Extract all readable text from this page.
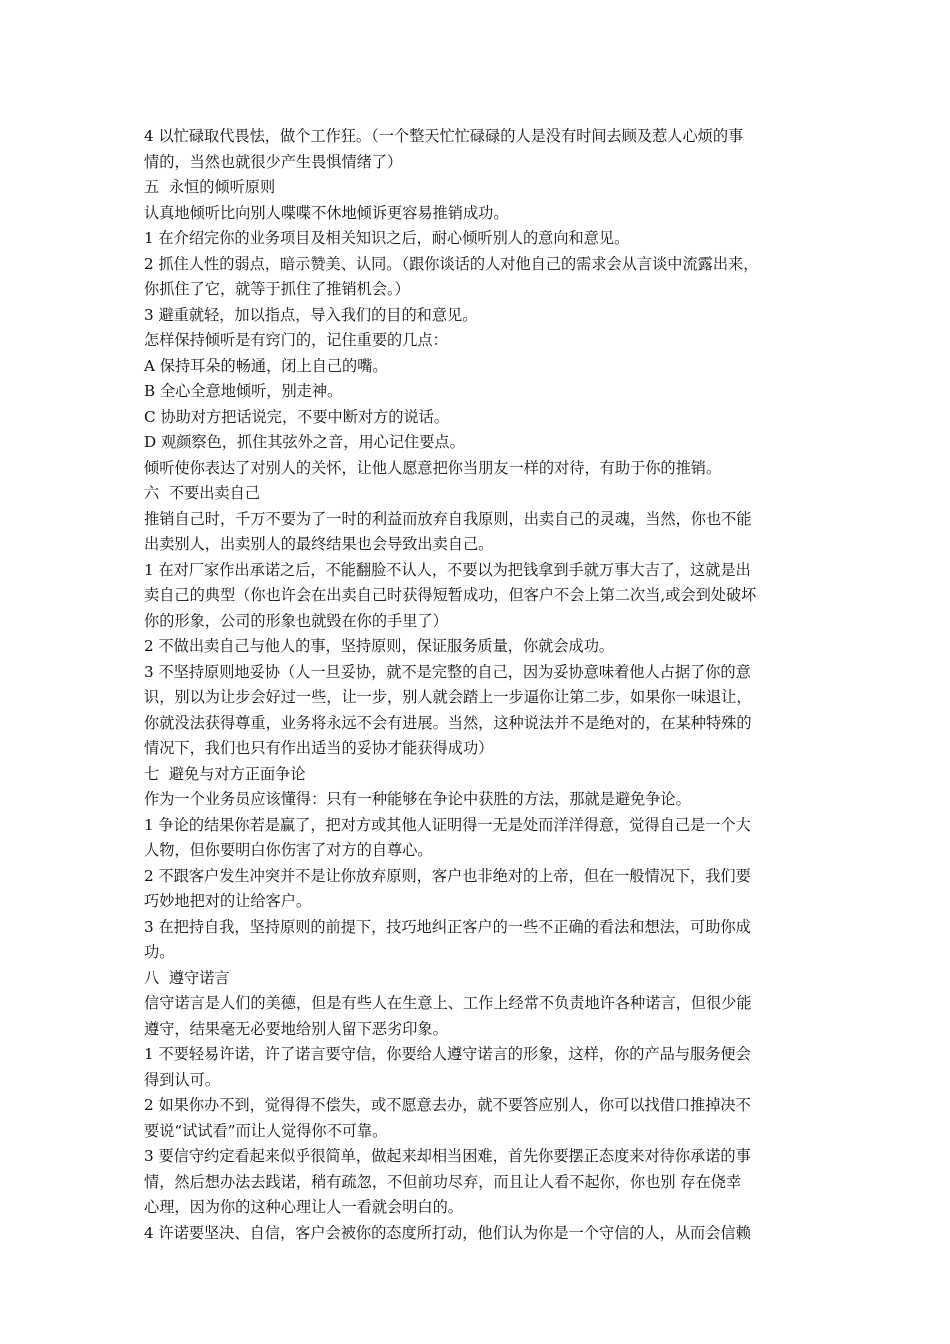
4 以忙碌取代畏怯，做个工作狂。（一个整天忙忙碌碌的人是没有时间去顾及惹人心烦的事
情的，当然也就很少产生畏惧情绪了）
五  永恒的倾听原则
认真地倾听比向别人喋喋不休地倾诉更容易推销成功。
1 在介绍完你的业务项目及相关知识之后，耐心倾听别人的意向和意见。
2 抓住人性的弱点，暗示赞美、认同。（跟你谈话的人对他自己的需求会从言谈中流露出来，
你抓住了它，就等于抓住了推销机会。）
3 避重就轻，加以指点，导入我们的目的和意见。
怎样保持倾听是有窍门的，记住重要的几点：
A 保持耳朵的畅通，闭上自己的嘴。
B 全心全意地倾听，别走神。
C 协助对方把话说完，不要中断对方的说话。
D 观颜察色，抓住其弦外之音，用心记住要点。
倾听使你表达了对别人的关怀，让他人愿意把你当朋友一样的对待，有助于你的推销。
六  不要出卖自己
推销自己时，千万不要为了一时的利益而放弃自我原则，出卖自己的灵魂，当然，你也不能
出卖别人，出卖别人的最终结果也会导致出卖自己。
1 在对厂家作出承诺之后，不能翻脸不认人，不要以为把钱拿到手就万事大吉了，这就是出
卖自己的典型（你也许会在出卖自己时获得短暂成功，但客户不会上第二次当,或会到处破坏
你的形象，公司的形象也就毁在你的手里了）
2 不做出卖自己与他人的事，坚持原则，保证服务质量，你就会成功。
3 不坚持原则地妥协（人一旦妥协，就不是完整的自己，因为妥协意味着他人占据了你的意
识，别以为让步会好过一些，让一步，别人就会踏上一步逼你让第二步，如果你一味退让，
你就没法获得尊重，业务将永远不会有进展。当然，这种说法并不是绝对的，在某种特殊的
情况下，我们也只有作出适当的妥协才能获得成功）
七  避免与对方正面争论
作为一个业务员应该懂得：只有一种能够在争论中获胜的方法，那就是避免争论。
1 争论的结果你若是赢了，把对方或其他人证明得一无是处而洋洋得意，觉得自己是一个大
人物，但你要明白你伤害了对方的自尊心。
2 不跟客户发生冲突并不是让你放弃原则，客户也非绝对的上帝，但在一般情况下，我们要
巧妙地把对的让给客户。
3 在把持自我，坚持原则的前提下，技巧地纠正客户的一些不正确的看法和想法，可助你成
功。
八  遵守诺言
信守诺言是人们的美德，但是有些人在生意上、工作上经常不负责地许各种诺言，但很少能
遵守，结果毫无必要地给别人留下恶劣印象。
1 不要轻易许诺，许了诺言要守信，你要给人遵守诺言的形象，这样，你的产品与服务便会
得到认可。
2 如果你办不到，觉得得不偿失，或不愿意去办，就不要答应别人，你可以找借口推掉决不
要说“试试看”而让人觉得你不可靠。
3 要信守约定看起来似乎很简单，做起来却相当困难，首先你要摆正态度来对待你承诺的事
情，然后想办法去践诺，稍有疏忽，不但前功尽弃，而且让人看不起你，你也别 存在侥幸
心理，因为你的这种心理让人一看就会明白的。
4 许诺要坚决、自信，客户会被你的态度所打动，他们认为你是一个守信的人，从而会信赖
